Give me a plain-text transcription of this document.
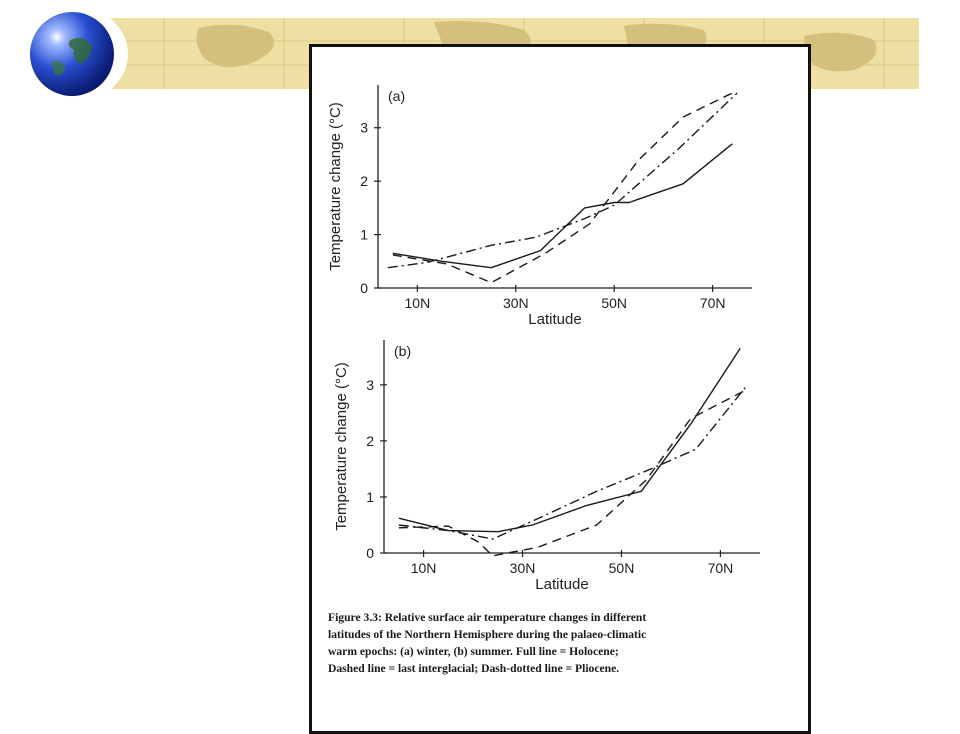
0
1
2
3
10N	30N	50N	70N
Latitude
Temperature change (°C)
(a)
0
1
2
3
10N	30N	50N	70N
Latitude
Temperature change (°C)
(b)
Figure 3.3: Relative surface air temperature changes in different
latitudes of the Northern Hemisphere during the palaeo-climatic
warm epochs: (a) winter, (b) summer. Full line = Holocene;
Dashed line = last interglacial; Dash-dotted line = Pliocene.
